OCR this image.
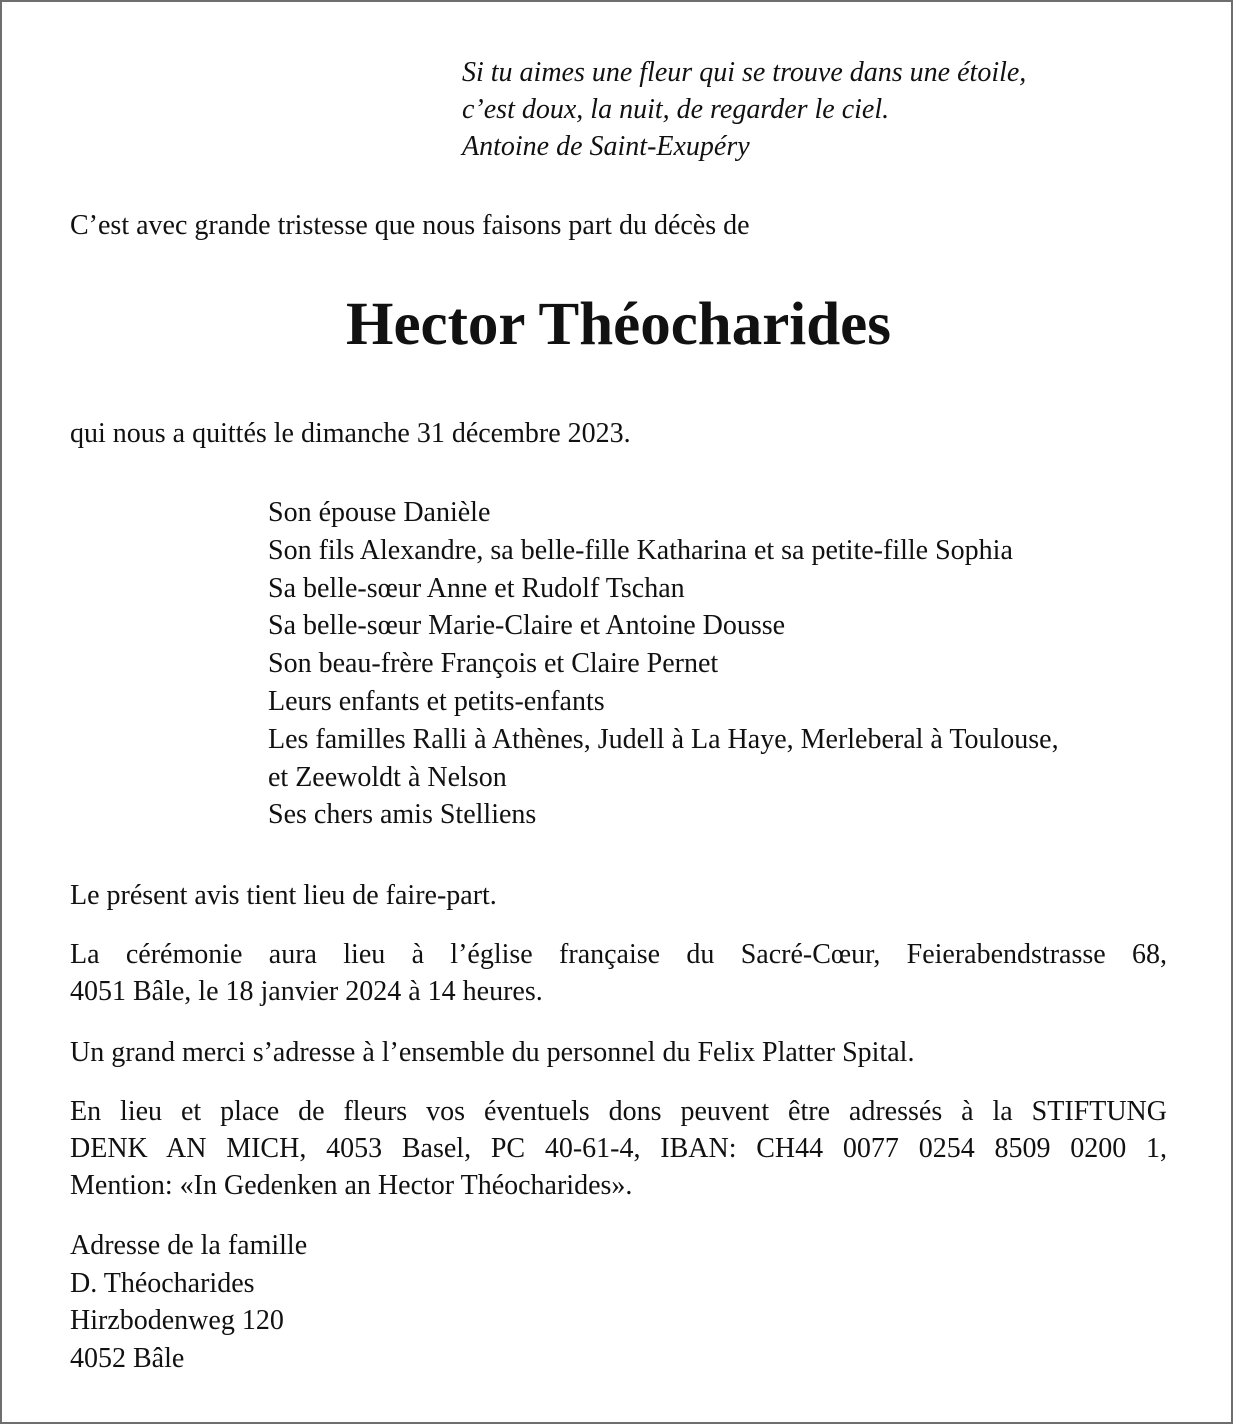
Si tu aimes une fleur qui se trouve dans une étoile,
c’est doux, la nuit, de regarder le ciel.
Antoine de Saint-Exupéry
C’est avec grande tristesse que nous faisons part du décès de
Hector Théocharides
qui nous a quittés le dimanche 31 décembre 2023.
Son épouse Danièle
Son fils Alexandre, sa belle-fille Katharina et sa petite-fille Sophia
Sa belle-sœur Anne et Rudolf Tschan
Sa belle-sœur Marie-Claire et Antoine Dousse
Son beau-frère François et Claire Pernet
Leurs enfants et petits-enfants
Les familles Ralli à Athènes, Judell à La Haye, Merleberal à Toulouse,
et Zeewoldt à Nelson
Ses chers amis Stelliens
Le présent avis tient lieu de faire-part.
La cérémonie aura lieu à l’église française du Sacré-Cœur, Feierabendstrasse 68,
4051 Bâle, le 18 janvier 2024 à 14 heures.
Un grand merci s’adresse à l’ensemble du personnel du Felix Platter Spital.
En lieu et place de fleurs vos éventuels dons peuvent être adressés à la STIFTUNG
DENK AN MICH, 4053 Basel, PC 40-61-4, IBAN: CH44 0077 0254 8509 0200 1,
Mention: «In Gedenken an Hector Théocharides».
Adresse de la famille
D. Théocharides
Hirzbodenweg 120
4052 Bâle
